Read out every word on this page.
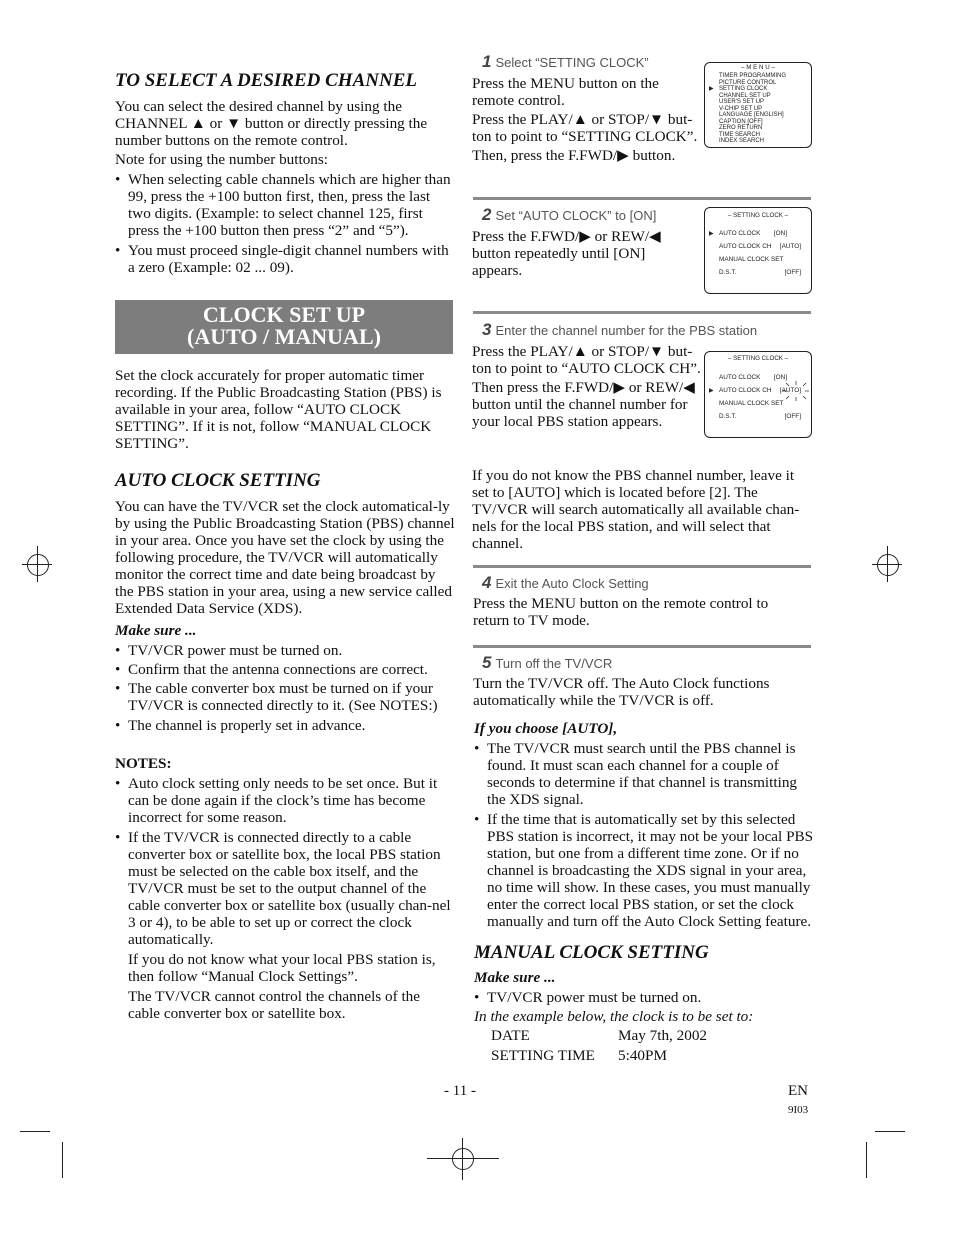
TO SELECT A DESIRED CHANNEL

You can select the desired channel by using the CHANNEL ▲ or ▼ button or directly pressing the number buttons on the remote control.

Note for using the number buttons:

• When selecting cable channels which are higher than 99, press the +100 button first, then, press the last two digits. (Example: to select channel 125, first press the +100 button then press “2” and “5”).
• You must proceed single-digit channel numbers with a zero (Example: 02 ... 09).
CLOCK SET UP
(AUTO / MANUAL)

Set the clock accurately for proper automatic timer recording. If the Public Broadcasting Station (PBS) is available in your area, follow “AUTO CLOCK SETTING”. If it is not, follow “MANUAL CLOCK SETTING”.

AUTO CLOCK SETTING

You can have the TV/VCR set the clock automatical-ly by using the Public Broadcasting Station (PBS) channel in your area. Once you have set the clock by using the following procedure, the TV/VCR will automatically monitor the correct time and date being broadcast by the PBS station in your area, using a new service called Extended Data Service (XDS).

Make sure ...

• TV/VCR power must be turned on.
• Confirm that the antenna connections are correct.
• The cable converter box must be turned on if your TV/VCR is connected directly to it. (See NOTES:)
• The channel is properly set in advance.

NOTES:

• Auto clock setting only needs to be set once. But it can be done again if the clock’s time has become incorrect for some reason.
• If the TV/VCR is connected directly to a cable converter box or satellite box, the local PBS station must be selected on the cable box itself, and the TV/VCR must be set to the output channel of the cable converter box or satellite box (usually chan-nel 3 or 4), to be able to set up or correct the clock automatically.

If you do not know what your local PBS station is, then follow “Manual Clock Settings”.

The TV/VCR cannot control the channels of the cable converter box or satellite box.

1 Select “SETTING CLOCK”

Press the MENU button on the remote control.

Press the PLAY/▲ or STOP/▼ but-ton to point to “SETTING CLOCK”.

Then, press the F.FWD/▶ button.

– M E N U –
TIMER PROGRAMMING
PICTURE CONTROL
SETTING CLOCK
CHANNEL SET UP
USER'S SET UP
V-CHIP SET UP
LANGUAGE [ENGLISH]
CAPTION [OFF]
ZERO RETURN
TIME SEARCH
INDEX SEARCH
▶
2 Set “AUTO CLOCK” to [ON]

Press the F.FWD/▶ or REW/◀ button repeatedly until [ON] appears.

– SETTING CLOCK –
▶ AUTO CLOCK [ON]
AUTO CLOCK CH [AUTO]
MANUAL CLOCK SET
D.S.T.	[OFF]
3 Enter the channel number for the PBS station

Press the PLAY/▲ or STOP/▼ but-ton to point to “AUTO CLOCK CH”.

Then press the F.FWD/▶ or REW/◀ button until the channel number for your local PBS station appears.

If you do not know the PBS channel number, leave it set to [AUTO] which is located before [2]. The TV/VCR will search automatically all available chan-nels for the local PBS station, and will select that channel.

– SETTING CLOCK –
▶
AUTO CLOCK [ON]
AUTO CLOCK CH [AUTO]
MANUAL CLOCK SET
D.S.T.	[OFF]
4 Exit the Auto Clock Setting

Press the MENU button on the remote control to return to TV mode.

5 Turn off the TV/VCR

Turn the TV/VCR off. The Auto Clock functions automatically while the TV/VCR is off.

If you choose [AUTO],

• The TV/VCR must search until the PBS channel is found. It must scan each channel for a couple of seconds to determine if that channel is transmitting the XDS signal.
• If the time that is automatically set by this selected PBS station is incorrect, it may not be your local PBS station, but one from a different time zone. Or if no channel is broadcasting the XDS signal in your area, no time will show. In these cases, you must manually enter the correct local PBS station, or set the clock manually and turn off the Auto Clock Setting feature.
MANUAL CLOCK SETTING

Make sure ...

• TV/VCR power must be turned on.

In the example below, the clock is to be set to:

DATE	May 7th, 2002
SETTING TIME	5:40PM
- 11 -	EN
9I03
